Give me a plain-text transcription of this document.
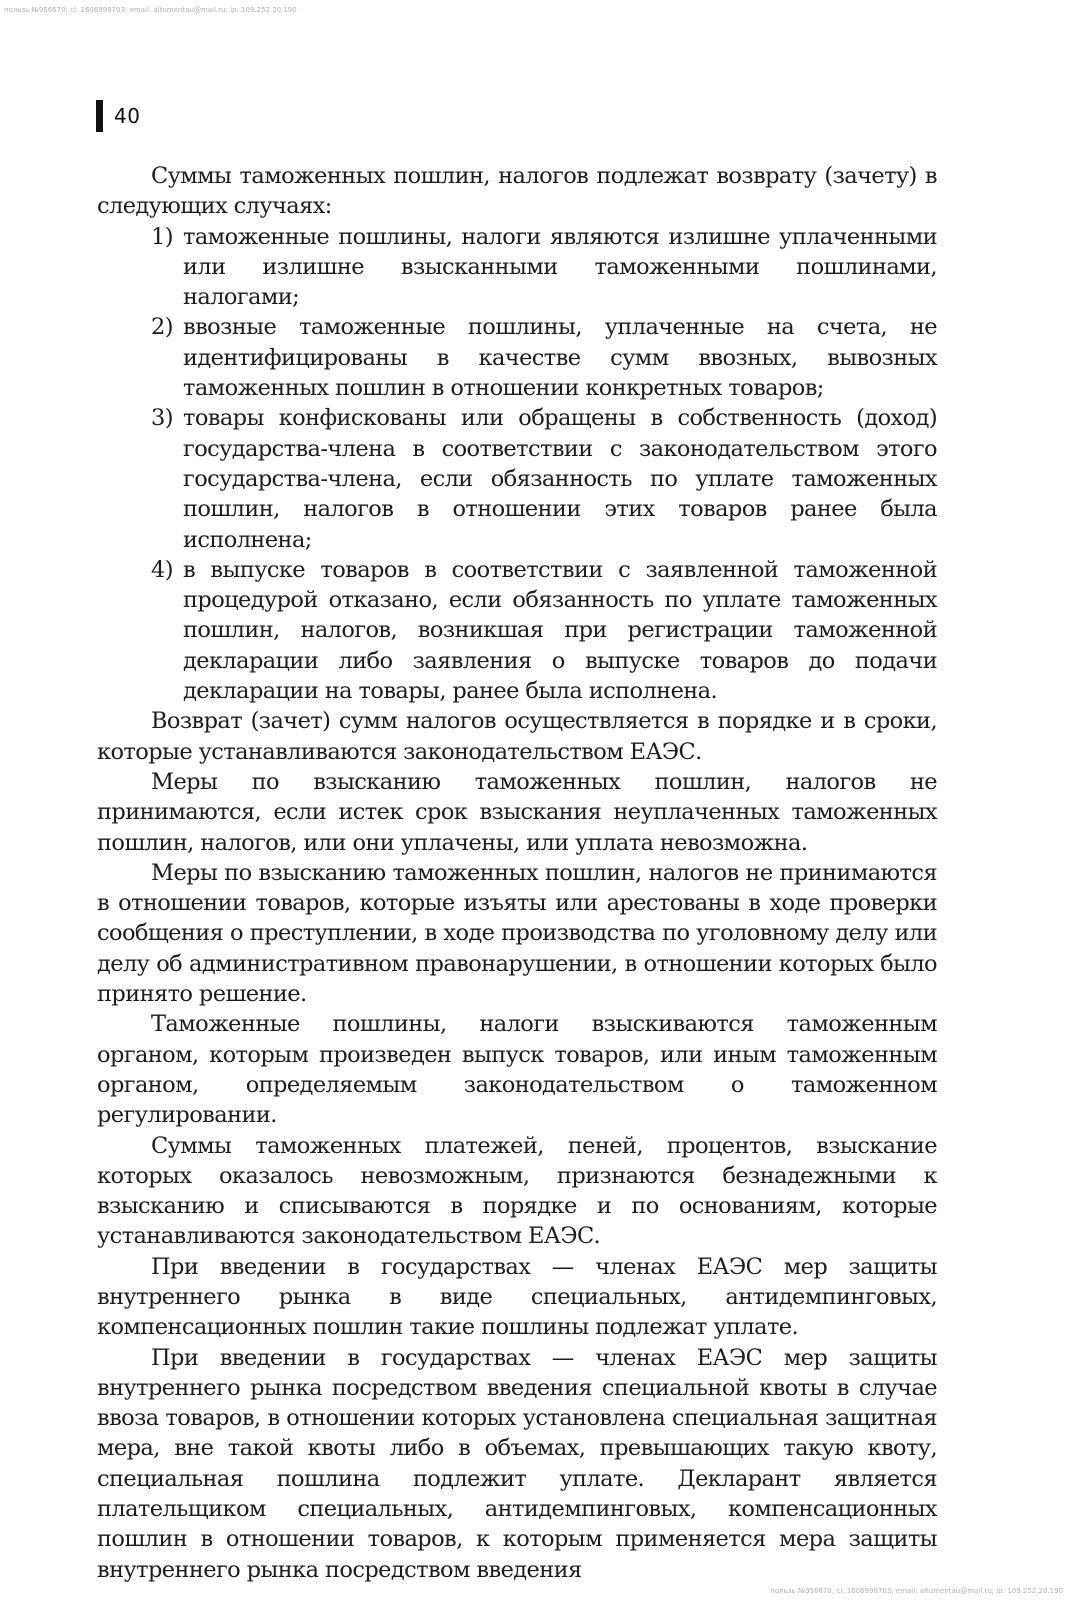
пользь №956670; cl: 1606998703; email: altumentau@mail.ru; ip: 109.252.20.190
40

Суммы таможенных пошлин, налогов подлежат возврату (зачету) в следующих случаях:

1) таможенные пошлины, налоги являются излишне уплаченными или излишне взысканными таможенными пошлинами, налогами;
2) ввозные таможенные пошлины, уплаченные на счета, не идентифицированы в качестве сумм ввозных, вывозных таможенных пошлин в отношении конкретных товаров;
3) товары конфискованы или обращены в собственность (доход) государства-члена в соответствии с законодательством этого государства-члена, если обязанность по уплате таможенных пошлин, налогов в отношении этих товаров ранее была исполнена;
4) в выпуске товаров в соответствии с заявленной таможенной процедурой отказано, если обязанность по уплате таможенных пошлин, налогов, возникшая при регистрации таможенной декларации либо заявления о выпуске товаров до подачи декларации на товары, ранее была исполнена.

Возврат (зачет) сумм налогов осуществляется в порядке и в сроки, которые устанавливаются законодательством ЕАЭС.

Меры по взысканию таможенных пошлин, налогов не принимаются, если истек срок взыскания неуплаченных таможенных пошлин, налогов, или они уплачены, или уплата невозможна.

Меры по взысканию таможенных пошлин, налогов не принимаются в отношении товаров, которые изъяты или арестованы в ходе проверки сообщения о преступлении, в ходе производства по уголовному делу или делу об административном правонарушении, в отношении которых было принято решение.

Таможенные пошлины, налоги взыскиваются таможенным органом, которым произведен выпуск товаров, или иным таможенным органом, определяемым законодательством о таможенном регулировании.

Суммы таможенных платежей, пеней, процентов, взыскание которых оказалось невозможным, признаются безнадежными к взысканию и списываются в порядке и по основаниям, которые устанавливаются законодательством ЕАЭС.

При введении в государствах — членах ЕАЭС мер защиты внутреннего рынка в виде специальных, антидемпинговых, компенсационных пошлин такие пошлины подлежат уплате.

При введении в государствах — членах ЕАЭС мер защиты внутреннего рынка посредством введения специальной квоты в случае ввоза товаров, в отношении которых установлена специальная защитная мера, вне такой квоты либо в объемах, превышающих такую квоту, специальная пошлина подлежит уплате. Декларант является плательщиком специальных, антидемпинговых, компенсационных пошлин в отношении товаров, к которым применяется мера защиты внутреннего рынка посредством введения

пользь №956670; cl: 1606998703; email: altumentau@mail.ru; ip: 109.252.20.190
